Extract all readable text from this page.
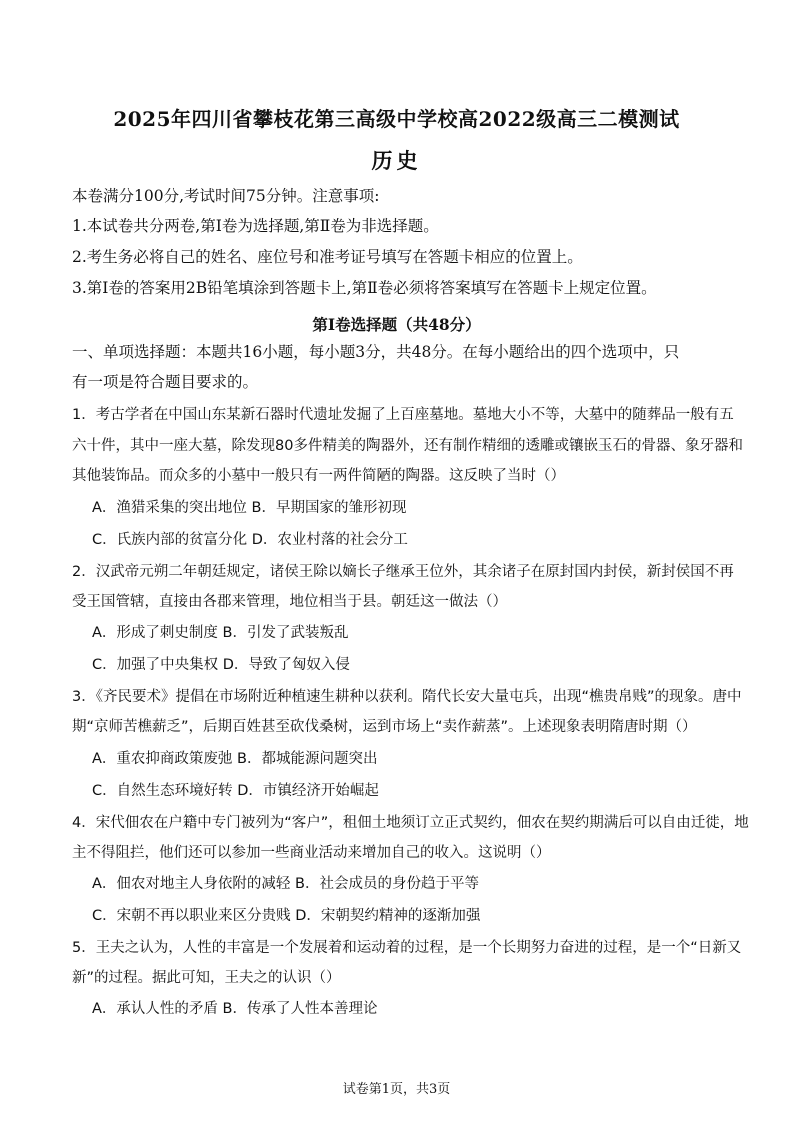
2025年四川省攀枝花第三高级中学校高2022级高三二模测试
历史
本卷满分100分,考试时间75分钟。注意事项:
1.本试卷共分两卷,第Ⅰ卷为选择题,第Ⅱ卷为非选择题。
2.考生务必将自己的姓名、座位号和准考证号填写在答题卡相应的位置上。
3.第Ⅰ卷的答案用2B铅笔填涂到答题卡上,第Ⅱ卷必须将答案填写在答题卡上规定位置。
第Ⅰ卷选择题（共48分）
一、单项选择题：本题共16小题，每小题3分，共48分。在每小题给出的四个选项中，只
有一项是符合题目要求的。
1．考古学者在中国山东某新石器时代遗址发掘了上百座墓地。墓地大小不等，大墓中的随葬品一般有五
六十件，其中一座大墓，除发现80多件精美的陶器外，还有制作精细的透雕或镶嵌玉石的骨器、象牙器和
其他装饰品。而众多的小墓中一般只有一两件简陋的陶器。这反映了当时（）
A．渔猎采集的突出地位 B．早期国家的雏形初现
C．氏族内部的贫富分化 D．农业村落的社会分工
2．汉武帝元朔二年朝廷规定，诸侯王除以嫡长子继承王位外，其余诸子在原封国内封侯，新封侯国不再
受王国管辖，直接由各郡来管理，地位相当于县。朝廷这一做法（）
A．形成了刺史制度 B．引发了武装叛乱
C．加强了中央集权 D．导致了匈奴入侵
3．《齐民要术》提倡在市场附近种植速生耕种以获利。隋代长安大量屯兵，出现“樵贵帛贱”的现象。唐中
期“京师苦樵薪乏”，后期百姓甚至砍伐桑树，运到市场上“卖作薪蒸”。上述现象表明隋唐时期（）
A．重农抑商政策废弛 B．都城能源问题突出
C．自然生态环境好转 D．市镇经济开始崛起
4．宋代佃农在户籍中专门被列为“客户”，租佃土地须订立正式契约，佃农在契约期满后可以自由迁徙，地
主不得阻拦，他们还可以参加一些商业活动来增加自己的收入。这说明（）
A．佃农对地主人身依附的减轻 B．社会成员的身份趋于平等
C．宋朝不再以职业来区分贵贱 D．宋朝契约精神的逐渐加强
5．王夫之认为，人性的丰富是一个发展着和运动着的过程，是一个长期努力奋进的过程，是一个“日新又
新”的过程。据此可知，王夫之的认识（）
A．承认人性的矛盾 B．传承了人性本善理论
试卷第1页，共3页
